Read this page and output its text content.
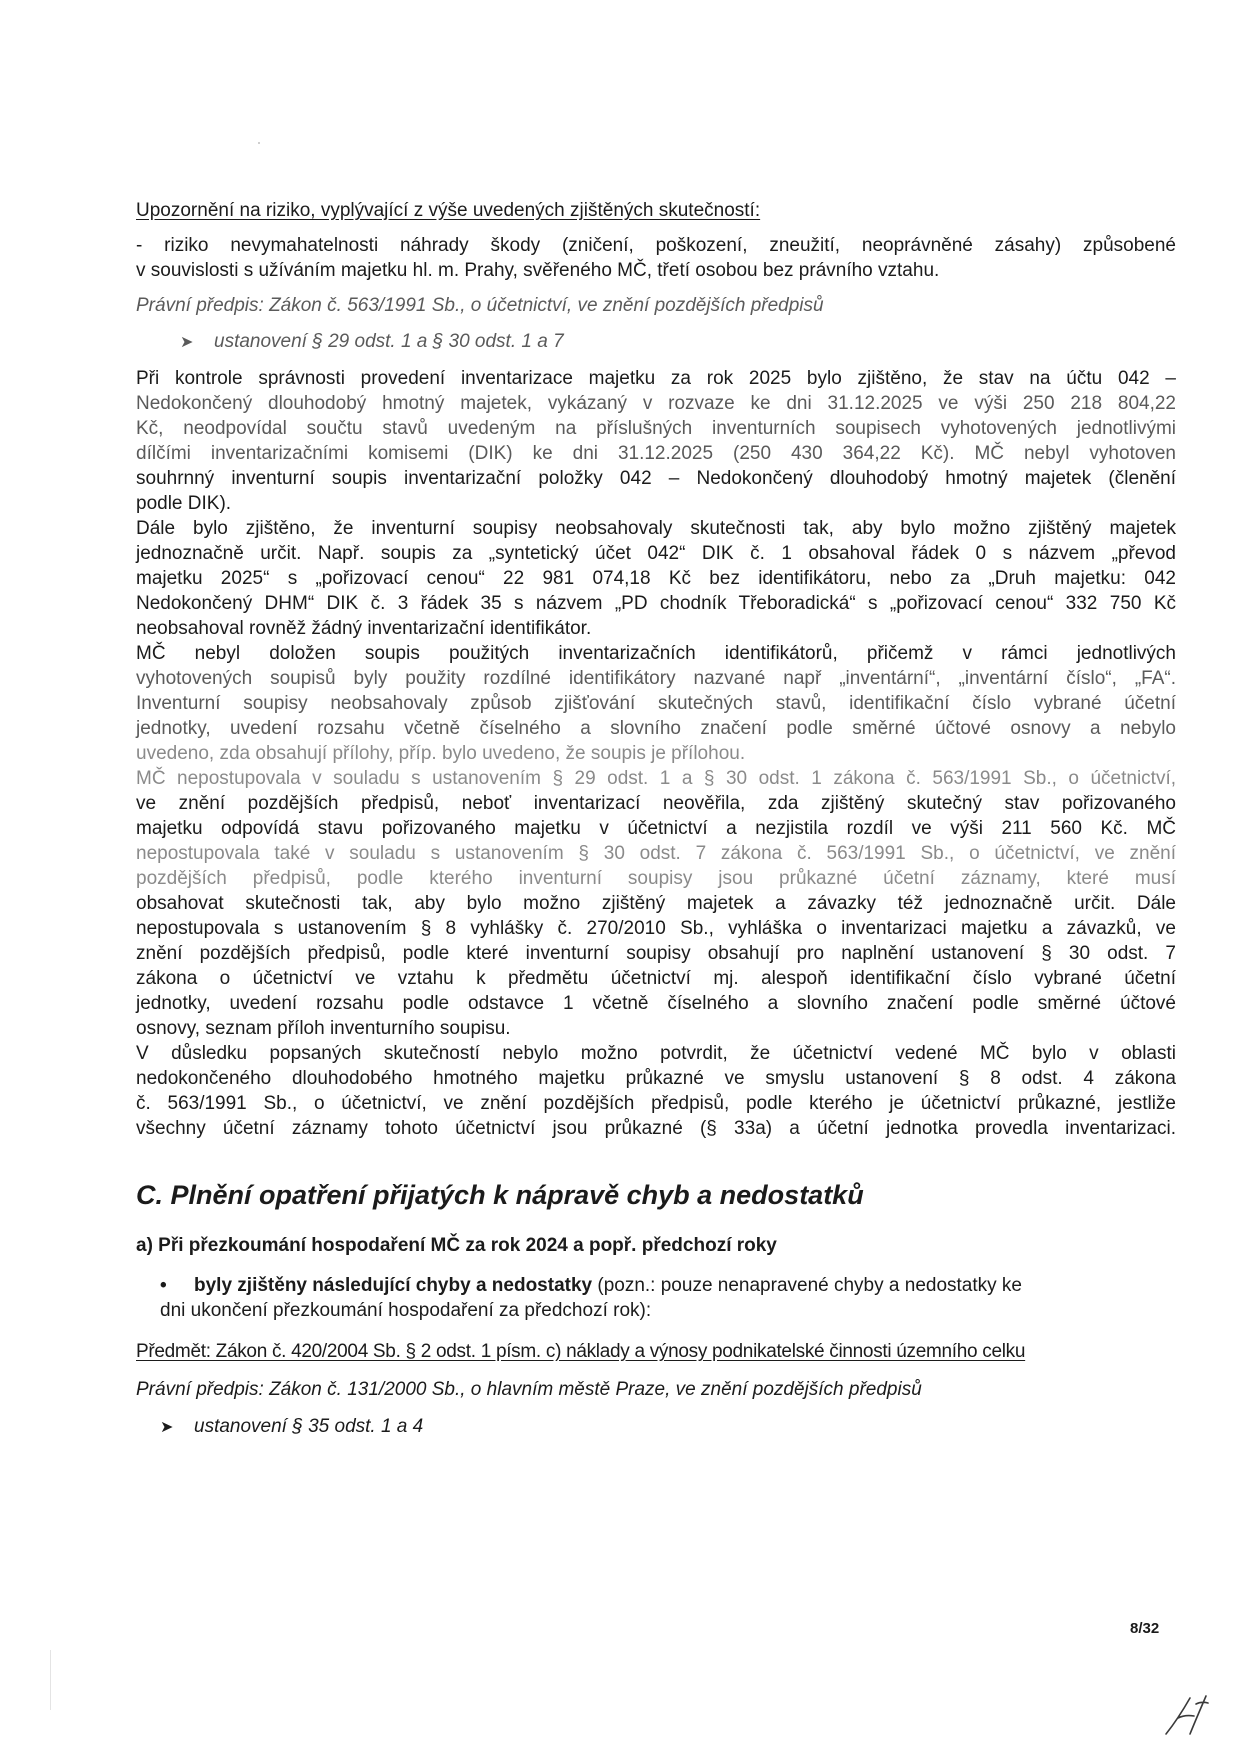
Upozornění na riziko, vyplývající z výše uvedených zjištěných skutečností:
- riziko nevymahatelnosti náhrady škody (zničení, poškození, zneužití, neoprávněné zásahy) způsobené
v souvislosti s užíváním majetku hl. m. Prahy, svěřeného MČ, třetí osobou bez právního vztahu.
Právní předpis: Zákon č. 563/1991 Sb., o účetnictví, ve znění pozdějších předpisů
➤ ustanovení § 29 odst. 1 a § 30 odst. 1 a 7
Při kontrole správnosti provedení inventarizace majetku za rok 2025 bylo zjištěno, že stav na účtu 042 –
Nedokončený dlouhodobý hmotný majetek, vykázaný v rozvaze ke dni 31.12.2025 ve výši 250 218 804,22
Kč, neodpovídal součtu stavů uvedeným na příslušných inventurních soupisech vyhotovených jednotlivými
dílčími inventarizačními komisemi (DIK) ke dni 31.12.2025 (250 430 364,22 Kč). MČ nebyl vyhotoven
souhrnný inventurní soupis inventarizační položky 042 – Nedokončený dlouhodobý hmotný majetek (členění
podle DIK).
Dále bylo zjištěno, že inventurní soupisy neobsahovaly skutečnosti tak, aby bylo možno zjištěný majetek
jednoznačně určit. Např. soupis za „syntetický účet 042“ DIK č. 1 obsahoval řádek 0 s názvem „převod
majetku 2025“ s „pořizovací cenou“ 22 981 074,18 Kč bez identifikátoru, nebo za „Druh majetku: 042
Nedokončený DHM“ DIK č. 3 řádek 35 s názvem „PD chodník Třeboradická“ s „pořizovací cenou“ 332 750 Kč
neobsahoval rovněž žádný inventarizační identifikátor.
MČ nebyl doložen soupis použitých inventarizačních identifikátorů, přičemž v rámci jednotlivých
vyhotovených soupisů byly použity rozdílné identifikátory nazvané např „inventární“, „inventární číslo“, „FA“.
Inventurní soupisy neobsahovaly způsob zjišťování skutečných stavů, identifikační číslo vybrané účetní
jednotky, uvedení rozsahu včetně číselného a slovního značení podle směrné účtové osnovy a nebylo
uvedeno, zda obsahují přílohy, příp. bylo uvedeno, že soupis je přílohou.
MČ nepostupovala v souladu s ustanovením § 29 odst. 1 a § 30 odst. 1 zákona č. 563/1991 Sb., o účetnictví,
ve znění pozdějších předpisů, neboť inventarizací neověřila, zda zjištěný skutečný stav pořizovaného
majetku odpovídá stavu pořizovaného majetku v účetnictví a nezjistila rozdíl ve výši 211 560 Kč. MČ
nepostupovala také v souladu s ustanovením § 30 odst. 7 zákona č. 563/1991 Sb., o účetnictví, ve znění
pozdějších předpisů, podle kterého inventurní soupisy jsou průkazné účetní záznamy, které musí
obsahovat skutečnosti tak, aby bylo možno zjištěný majetek a závazky též jednoznačně určit. Dále
nepostupovala s ustanovením § 8 vyhlášky č. 270/2010 Sb., vyhláška o inventarizaci majetku a závazků, ve
znění pozdějších předpisů, podle které inventurní soupisy obsahují pro naplnění ustanovení § 30 odst. 7
zákona o účetnictví ve vztahu k předmětu účetnictví mj. alespoň identifikační číslo vybrané účetní
jednotky, uvedení rozsahu podle odstavce 1 včetně číselného a slovního značení podle směrné účtové
osnovy, seznam příloh inventurního soupisu.
V důsledku popsaných skutečností nebylo možno potvrdit, že účetnictví vedené MČ bylo v oblasti
nedokončeného dlouhodobého hmotného majetku průkazné ve smyslu ustanovení § 8 odst. 4 zákona
č. 563/1991 Sb., o účetnictví, ve znění pozdějších předpisů, podle kterého je účetnictví průkazné, jestliže
všechny účetní záznamy tohoto účetnictví jsou průkazné (§ 33a) a účetní jednotka provedla inventarizaci.
C. Plnění opatření přijatých k nápravě chyb a nedostatků
a) Při přezkoumání hospodaření MČ za rok 2024 a popř. předchozí roky
• byly zjištěny následující chyby a nedostatky (pozn.: pouze nenapravené chyby a nedostatky ke
dni ukončení přezkoumání hospodaření za předchozí rok):
Předmět: Zákon č. 420/2004 Sb. § 2 odst. 1 písm. c) náklady a výnosy podnikatelské činnosti územního celku
Právní předpis: Zákon č. 131/2000 Sb., o hlavním městě Praze, ve znění pozdějších předpisů
➤ ustanovení § 35 odst. 1 a 4
8/32
